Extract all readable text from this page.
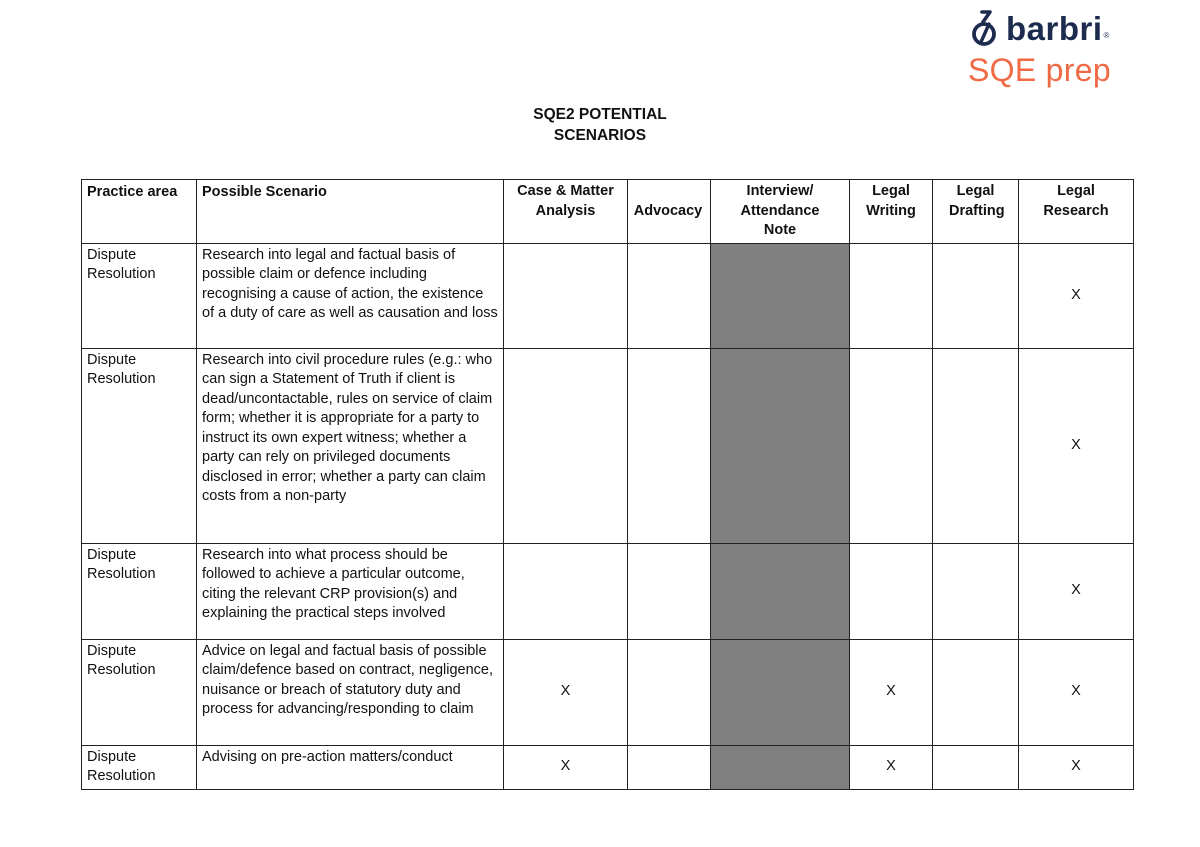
barbri ®
SQE prep
SQE2 POTENTIAL
SCENARIOS
Practice area	Possible Scenario	Case & Matter Analysis	Advocacy	Interview/ Attendance Note	Legal Writing	Legal Drafting	Legal Research
Dispute Resolution	Research into legal and factual basis of possible claim or defence including recognising a cause of action, the existence of a duty of care as well as causation and loss						X
Dispute Resolution	Research into civil procedure rules (e.g.: who can sign a Statement of Truth if client is dead/uncontactable, rules on service of claim form; whether it is appropriate for a party to instruct its own expert witness; whether a party can rely on privileged documents disclosed in error; whether a party can claim costs from a non-party						X
Dispute Resolution	Research into what process should be followed to achieve a particular outcome, citing the relevant CRP provision(s) and explaining the practical steps involved						X
Dispute Resolution	Advice on legal and factual basis of possible claim/defence based on contract, negligence, nuisance or breach of statutory duty and process for advancing/responding to claim	X			X		X
Dispute Resolution	Advising on pre-action matters/conduct	X			X		X
